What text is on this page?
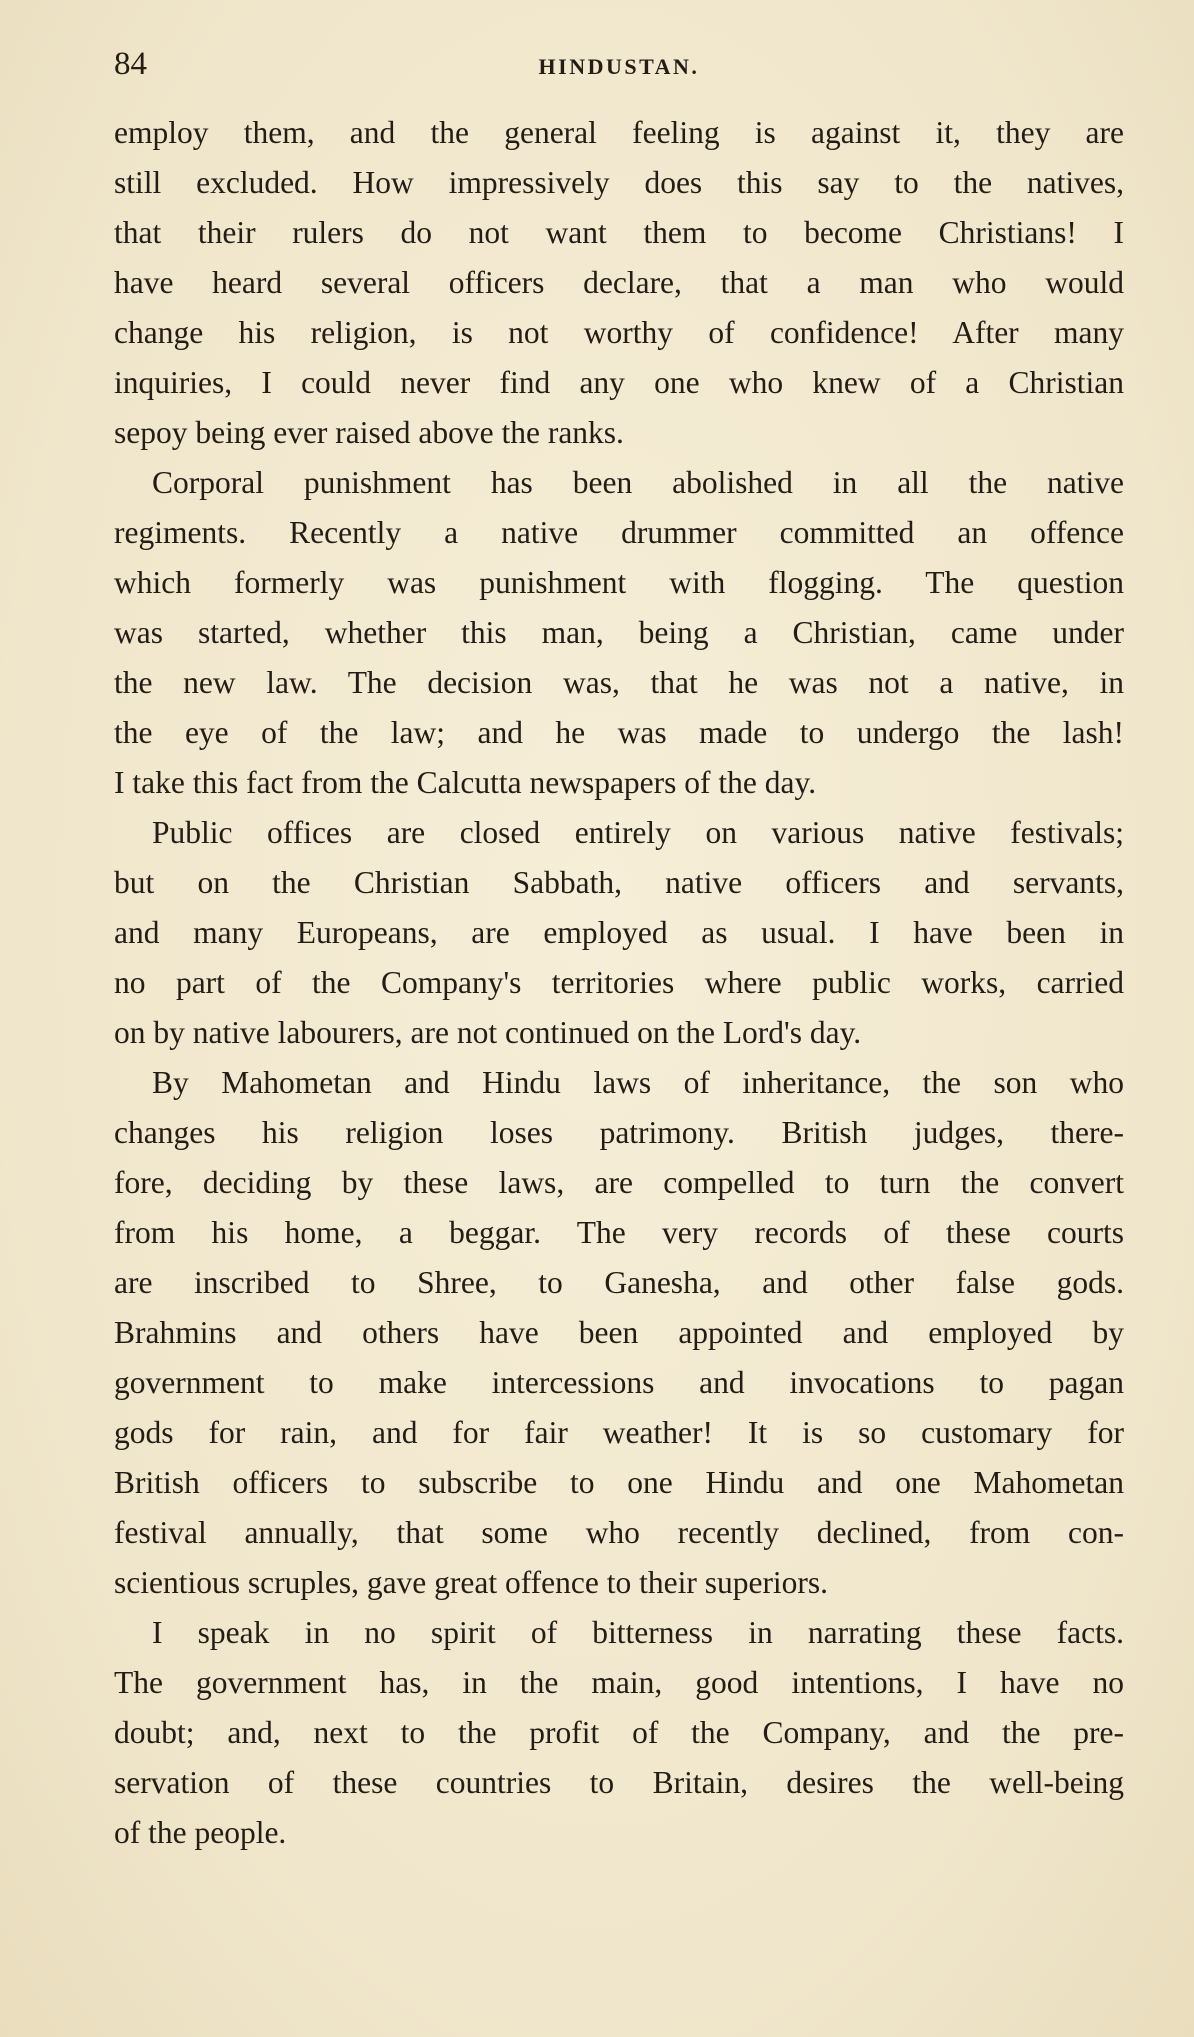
84	HINDUSTAN.

employ them, and the general feeling is against it, they are
still excluded. How impressively does this say to the natives,
that their rulers do not want them to become Christians! I
have heard several officers declare, that a man who would
change his religion, is not worthy of confidence! After many
inquiries, I could never find any one who knew of a Christian
sepoy being ever raised above the ranks.

Corporal punishment has been abolished in all the native
regiments. Recently a native drummer committed an offence
which formerly was punishment with flogging. The question
was started, whether this man, being a Christian, came under
the new law. The decision was, that he was not a native, in
the eye of the law; and he was made to undergo the lash!
I take this fact from the Calcutta newspapers of the day.

Public offices are closed entirely on various native festivals;
but on the Christian Sabbath, native officers and servants,
and many Europeans, are employed as usual. I have been in
no part of the Company's territories where public works, carried
on by native labourers, are not continued on the Lord's day.

By Mahometan and Hindu laws of inheritance, the son who
changes his religion loses patrimony. British judges, there-
fore, deciding by these laws, are compelled to turn the convert
from his home, a beggar. The very records of these courts
are inscribed to Shree, to Ganesha, and other false gods.
Brahmins and others have been appointed and employed by
government to make intercessions and invocations to pagan
gods for rain, and for fair weather! It is so customary for
British officers to subscribe to one Hindu and one Mahometan
festival annually, that some who recently declined, from con-
scientious scruples, gave great offence to their superiors.

I speak in no spirit of bitterness in narrating these facts.
The government has, in the main, good intentions, I have no
doubt; and, next to the profit of the Company, and the pre-
servation of these countries to Britain, desires the well-being
of the people.
